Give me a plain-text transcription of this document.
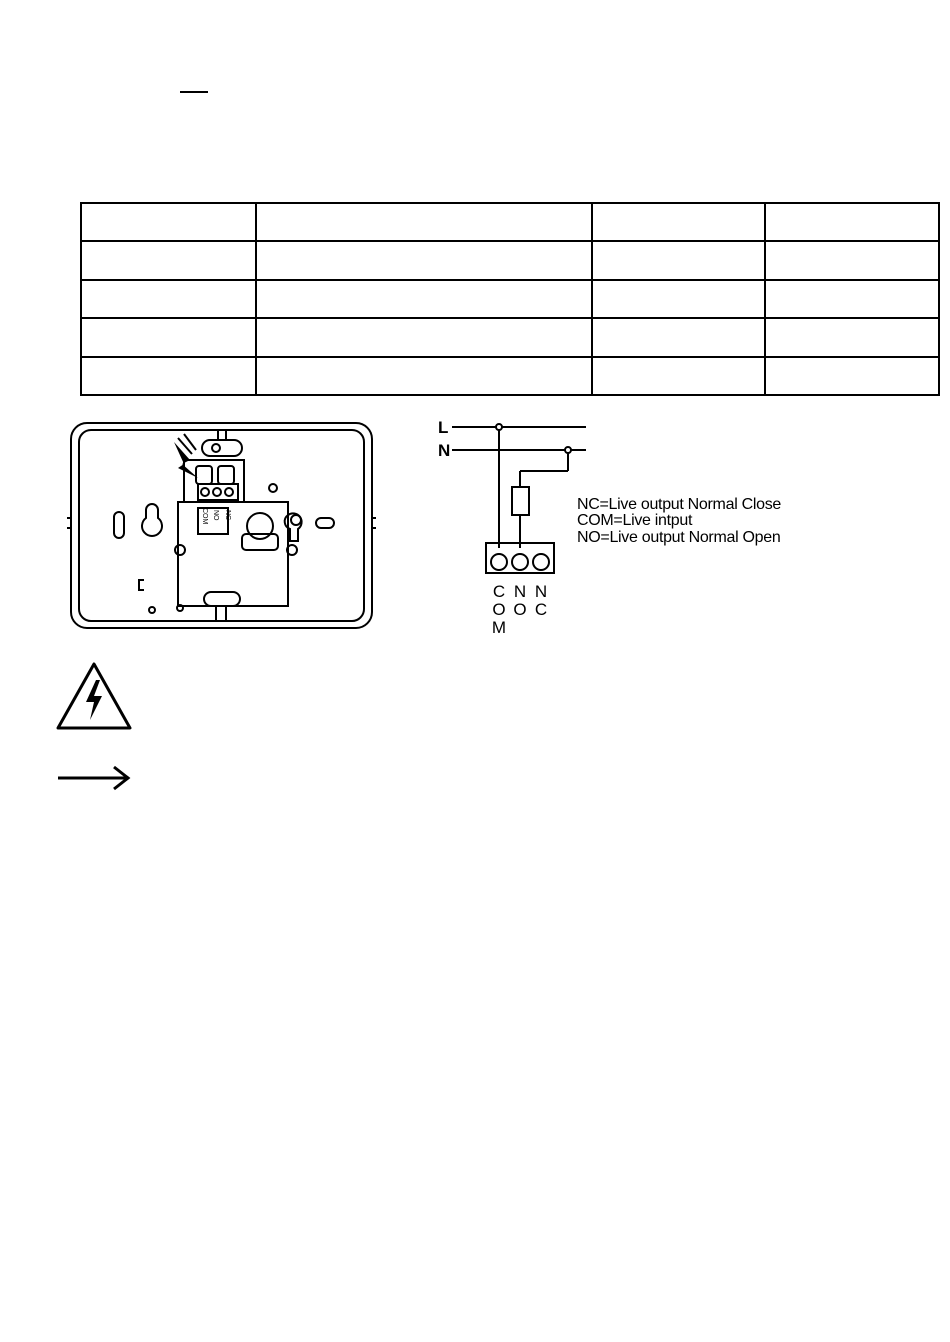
NC
NO
COM
L
N
C
O
M
N
O
N
C
NC=Live output Normal Close
COM=Live intput
NO=Live output Normal Open
